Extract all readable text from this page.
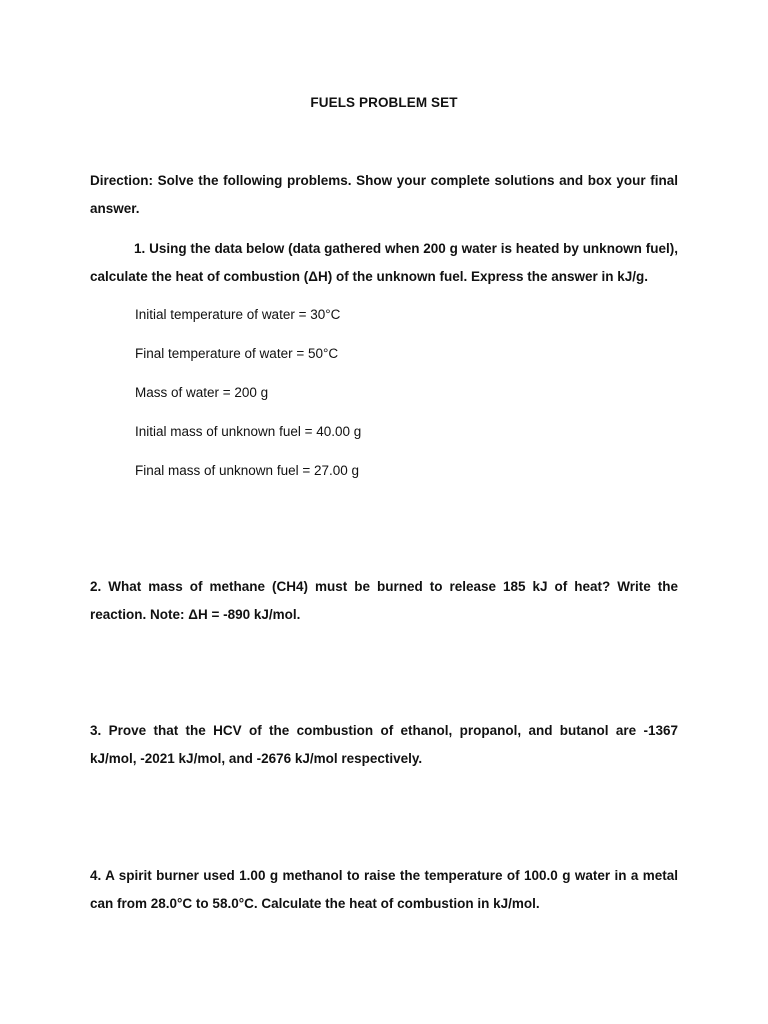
FUELS PROBLEM SET
Direction: Solve the following problems. Show your complete solutions and box your final answer.
1. Using the data below (data gathered when 200 g water is heated by unknown fuel), calculate the heat of combustion (ΔH) of the unknown fuel. Express the answer in kJ/g.
Initial temperature of water = 30°C
Final temperature of water = 50°C
Mass of water = 200 g
Initial mass of unknown fuel = 40.00 g
Final mass of unknown fuel = 27.00 g
2. What mass of methane (CH4) must be burned to release 185 kJ of heat? Write the reaction. Note: ΔH = -890 kJ/mol.
3. Prove that the HCV of the combustion of ethanol, propanol, and butanol are -1367 kJ/mol, -2021 kJ/mol, and -2676 kJ/mol respectively.
4. A spirit burner used 1.00 g methanol to raise the temperature of 100.0 g water in a metal can from 28.0°C to 58.0°C. Calculate the heat of combustion in kJ/mol.
